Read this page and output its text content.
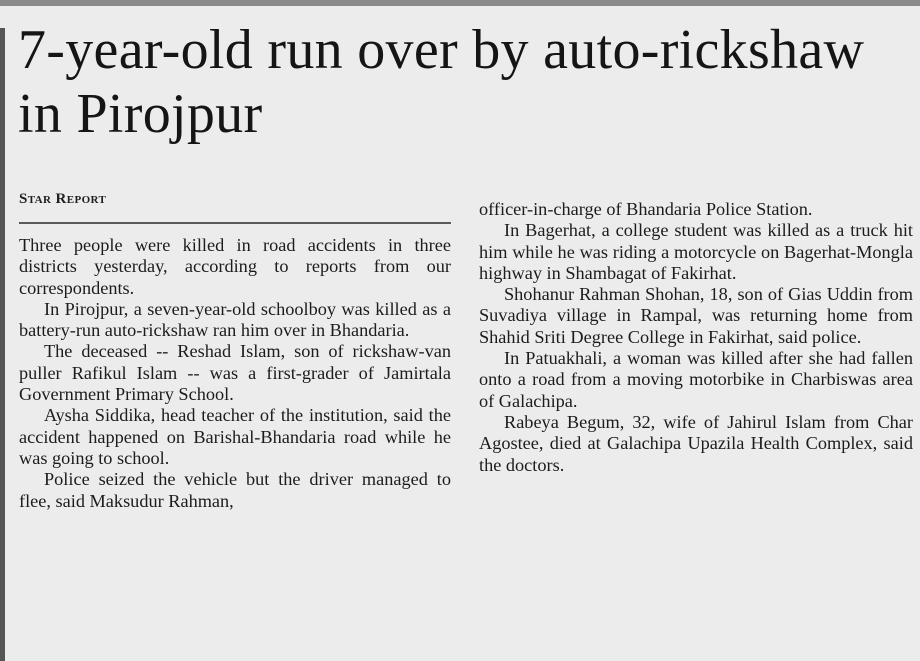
7-year-old run over by auto-rickshaw in Pirojpur
Star Report

Three people were killed in road accidents in three districts yesterday, according to reports from our correspondents.

In Pirojpur, a seven-year-old schoolboy was killed as a battery-run auto-rickshaw ran him over in Bhandaria.

The deceased -- Reshad Islam, son of rickshaw-van puller Rafikul Islam -- was a first-grader of Jamirtala Government Primary School.

Aysha Siddika, head teacher of the institution, said the accident happened on Barishal-Bhandaria road while he was going to school.

Police seized the vehicle but the driver managed to flee, said Maksudur Rahman,

officer-in-charge of Bhandaria Police Station.

In Bagerhat, a college student was killed as a truck hit him while he was riding a motorcycle on Bagerhat-Mongla highway in Shambagat of Fakirhat.

Shohanur Rahman Shohan, 18, son of Gias Uddin from Suvadiya village in Rampal, was returning home from Shahid Sriti Degree College in Fakirhat, said police.

In Patuakhali, a woman was killed after she had fallen onto a road from a moving motorbike in Charbiswas area of Galachipa.

Rabeya Begum, 32, wife of Jahirul Islam from Char Agostee, died at Galachipa Upazila Health Complex, said the doctors.
